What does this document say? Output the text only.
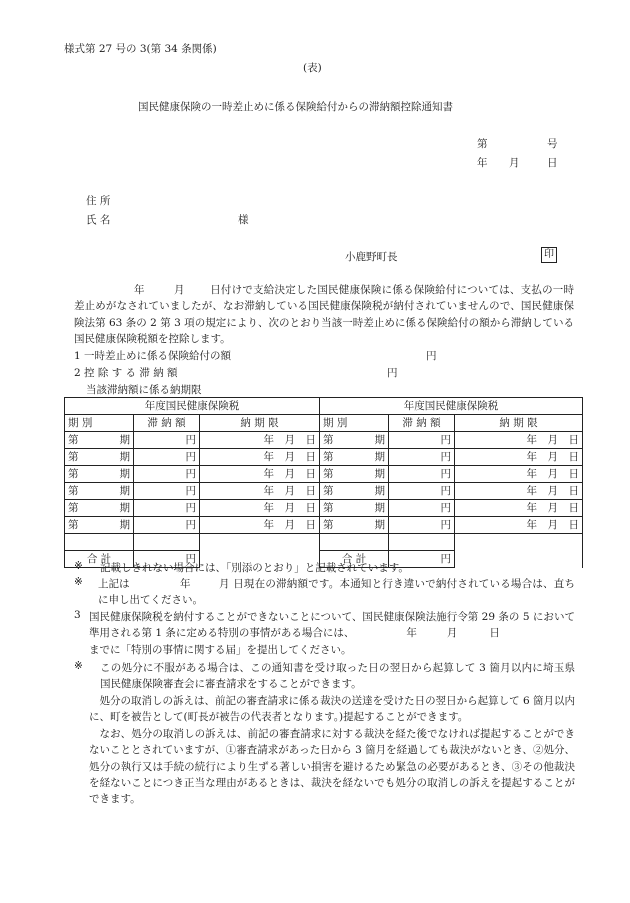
様式第 27 号の 3(第 34 条関係)
(表)
国民健康保険の一時差止めに係る保険給付からの滞納額控除通知書
第	号
年 月	日
住 所
氏 名	様
小鹿野町長	印
年	月	日付けで支給決定した国民健康保険に係る保険給付については、支払の一時差止めがなされていましたが、なお滞納している国民健康保険税が納付されていませんので、国民健康保険法第 63 条の 2 第 3 項の規定により、次のとおり当該一時差止めに係る保険給付の額から滞納している国民健康保険税額を控除します。
1 一時差止めに係る保険給付の額	円
2 控 除 す る 滞 納 額	円
当該滞納額に係る納期限
年度国民健康保険税			年度国民健康保険税		

期 別	滞 納 額	納 期 限	期 別	滞 納 額	納 期 限

第 期	円	年  月  日	第 期	円	年  月  日

第 期	円	年  月  日	第 期	円	年  月  日

第 期	円	年  月  日	第 期	円	年  月  日

第 期	円	年  月  日	第 期	円	年  月  日

第 期	円	年  月  日	第 期	円	年  月  日

第 期	円	年  月  日	第 期	円	年  月  日

合 計	円		合 計	円	
※ 記載しきれない場合には、「別添のとおり」と記載されています。
※ 上記は	年	月 日現在の滞納額です。本通知と行き違いで納付されている場合は、直ちに申し出てください。
3 国民健康保険税を納付することができないことについて、国民健康保険法施行令第 29 条の 5 において準用される第 1 条に定める特別の事情がある場合には、	年	月	日
までに「特別の事情に関する届」を提出してください。
※ この処分に不服がある場合は、この通知書を受け取った日の翌日から起算して 3 箇月以内に埼玉県国民健康保険審査会に審査請求をすることができます。
処分の取消しの訴えは、前記の審査請求に係る裁決の送達を受けた日の翌日から起算して 6 箇月以内に、町を被告として(町長が被告の代表者となります。)提起することができます。
なお、処分の取消しの訴えは、前記の審査請求に対する裁決を経た後でなければ提起することができないこととされていますが、①審査請求があった日から 3 箇月を経過しても裁決がないとき、②処分、処分の執行又は手続の続行により生ずる著しい損害を避けるため緊急の必要があるとき、③その他裁決を経ないことにつき正当な理由があるときは、裁決を経ないでも処分の取消しの訴えを提起することができます。
